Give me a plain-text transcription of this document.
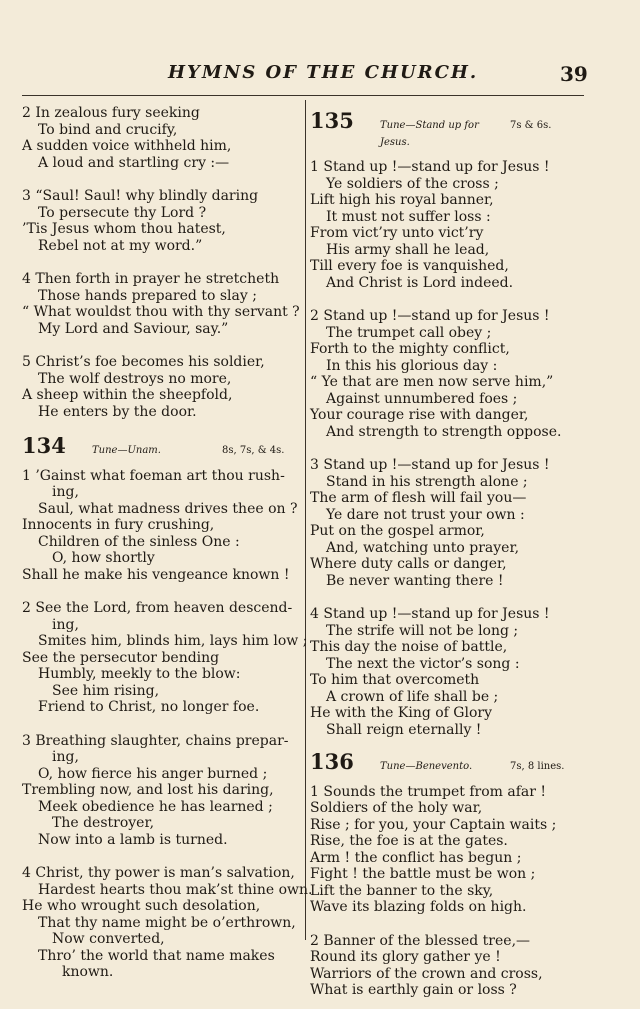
HYMNS OF THE CHURCH.	39
2 In zealous fury seeking
To bind and crucify,
A sudden voice withheld him,
A loud and startling cry :—
3 “Saul! Saul! why blindly daring
To persecute thy Lord ?
’Tis Jesus whom thou hatest,
Rebel not at my word.”
4 Then forth in prayer he stretcheth
Those hands prepared to slay ;
“ What wouldst thou with thy servant ?
My Lord and Saviour, say.”
5 Christ’s foe becomes his soldier,
The wolf destroys no more,
A sheep within the sheepfold,
He enters by the door.
134	Tune—Unam.	8s, 7s, & 4s.
1 ’Gainst what foeman art thou rush-
ing,
Saul, what madness drives thee on ?
Innocents in fury crushing,
Children of the sinless One :
O, how shortly
Shall he make his vengeance known !
2 See the Lord, from heaven descend-
ing,
Smites him, blinds him, lays him low ;
See the persecutor bending
Humbly, meekly to the blow:
See him rising,
Friend to Christ, no longer foe.
3 Breathing slaughter, chains prepar-
ing,
O, how fierce his anger burned ;
Trembling now, and lost his daring,
Meek obedience he has learned ;
The destroyer,
Now into a lamb is turned.
4 Christ, thy power is man’s salvation,
Hardest hearts thou mak’st thine own.
He who wrought such desolation,
That thy name might be o’erthrown,
Now converted,
Thro’ the world that name makes
known.
135	Tune—Stand up for Jesus.
7s & 6s.
1 Stand up !—stand up for Jesus !
Ye soldiers of the cross ;
Lift high his royal banner,
It must not suffer loss :
From vict’ry unto vict’ry
His army shall he lead,
Till every foe is vanquished,
And Christ is Lord indeed.
2 Stand up !—stand up for Jesus !
The trumpet call obey ;
Forth to the mighty conflict,
In this his glorious day :
“ Ye that are men now serve him,”
Against unnumbered foes ;
Your courage rise with danger,
And strength to strength oppose.
3 Stand up !—stand up for Jesus !
Stand in his strength alone ;
The arm of flesh will fail you—
Ye dare not trust your own :
Put on the gospel armor,
And, watching unto prayer,
Where duty calls or danger,
Be never wanting there !
4 Stand up !—stand up for Jesus !
The strife will not be long ;
This day the noise of battle,
The next the victor’s song :
To him that overcometh
A crown of life shall be ;
He with the King of Glory
Shall reign eternally !
136	Tune—Benevento.	7s, 8 lines.
1 Sounds the trumpet from afar !
Soldiers of the holy war,
Rise ; for you, your Captain waits ;
Rise, the foe is at the gates.
Arm ! the conflict has begun ;
Fight ! the battle must be won ;
Lift the banner to the sky,
Wave its blazing folds on high.
2 Banner of the blessed tree,—
Round its glory gather ye !
Warriors of the crown and cross,
What is earthly gain or loss ?
